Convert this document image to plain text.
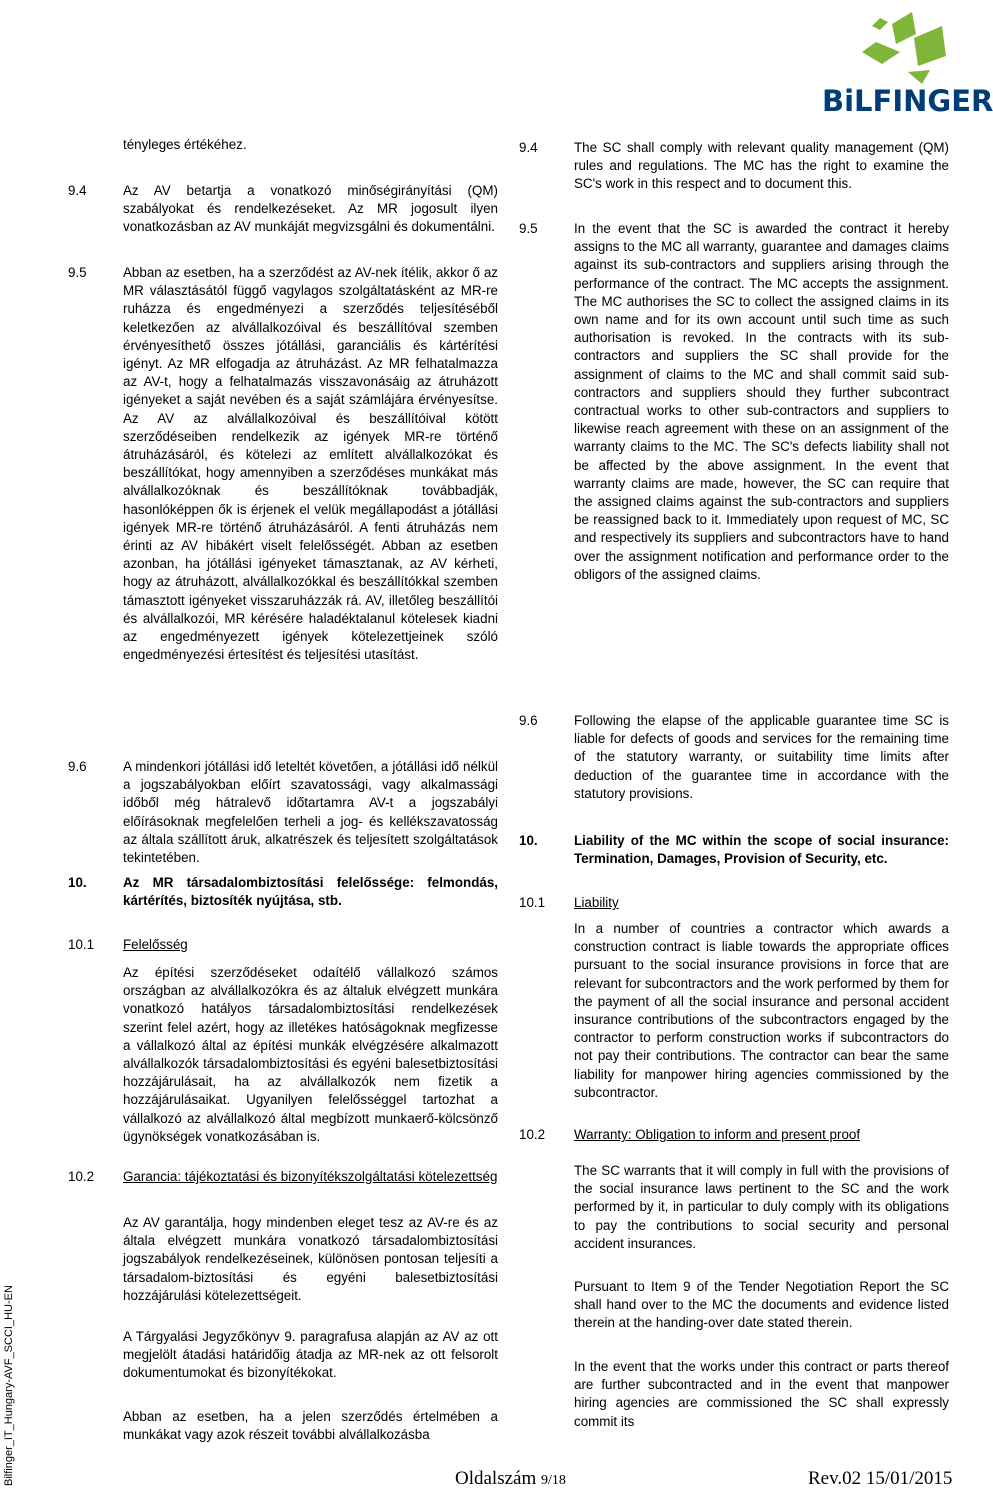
BiLFINGER
Bilfinger_IT_Hungary-AVF_SCCI_HU-EN
tényleges értékéhez.
9.4	Az AV betartja a vonatkozó minőségirányítási (QM) szabályokat és rendelkezéseket. Az MR jogosult ilyen vonatkozásban az AV munkáját megvizsgálni és dokumentálni.
9.5	Abban az esetben, ha a szerződést az AV-nek ítélik, akkor ő az MR választásától függő vagylagos szolgáltatásként az MR-re ruházza és engedményezi a szerződés teljesítéséből keletkezően az alvállalkozóival és beszállítóval szemben érvényesíthető összes jótállási, garanciális és kártérítési igényt. Az MR elfogadja az átruházást. Az MR felhatalmazza az AV-t, hogy a felhatalmazás visszavonásáig az átruházott igényeket a saját nevében és a saját számlájára érvényesítse. Az AV az alvállalkozóival és beszállítóival kötött szerződéseiben rendelkezik az igények MR-re történő átruházásáról, és kötelezi az említett alvállalkozókat és beszállítókat, hogy amennyiben a szerződéses munkákat más alvállalkozóknak és beszállítóknak továbbadják, hasonlóképpen ők is érjenek el velük megállapodást a jótállási igények MR-re történő átruházásáról. A fenti átruházás nem érinti az AV hibákért viselt felelősségét. Abban az esetben azonban, ha jótállási igényeket támasztanak, az AV kérheti, hogy az átruházott, alvállalkozókkal és beszállítókkal szemben támasztott igényeket visszaruházzák rá. AV, illetőleg beszállítói és alvállalkozói, MR kérésére haladéktalanul kötelesek kiadni az engedményezett igények kötelezettjeinek szóló engedményezési értesítést és teljesítési utasítást.
9.6	A mindenkori jótállási idő leteltét követően, a jótállási idő nélkül a jogszabályokban előírt szavatossági, vagy alkalmassági időből még hátralevő időtartamra AV-t a jogszabályi előírásoknak megfelelően terheli a jog- és kellékszavatosság az általa szállított áruk, alkatrészek és teljesített szolgáltatások tekintetében.
10.	Az MR társadalombiztosítási felelőssége: felmondás, kártérítés, biztosíték nyújtása, stb.
10.1 Felelősség
Az építési szerződéseket odaítélő vállalkozó számos országban az alvállalkozókra és az általuk elvégzett munkára vonatkozó hatályos társadalombiztosítási rendelkezések szerint felel azért, hogy az illetékes hatóságoknak megfizesse a vállalkozó által az építési munkák elvégzésére alkalmazott alvállalkozók társadalombiztosítási és egyéni balesetbiztosítási hozzájárulásait, ha az alvállalkozók nem fizetik a hozzájárulásaikat. Ugyanilyen felelősséggel tartozhat a vállalkozó az alvállalkozó által megbízott munkaerő-kölcsönző ügynökségek vonatkozásában is.
10.2 Garancia: tájékoztatási és bizonyítékszolgáltatási kötelezettség
Az AV garantálja, hogy mindenben eleget tesz az AV-re és az általa elvégzett munkára vonatkozó társadalombiztosítási jogszabályok rendelkezéseinek, különösen pontosan teljesíti a társadalom-biztosítási és egyéni balesetbiztosítási hozzájárulási kötelezettségeit.
A Tárgyalási Jegyzőkönyv 9. paragrafusa alapján az AV az ott megjelölt átadási határidőig átadja az MR-nek az ott felsorolt dokumentumokat és bizonyítékokat.
Abban az esetben, ha a jelen szerződés értelmében a munkákat vagy azok részeit további alvállalkozásba
9.4	The SC shall comply with relevant quality management (QM) rules and regulations. The MC has the right to examine the SC's work in this respect and to document this.
9.5	In the event that the SC is awarded the contract it hereby assigns to the MC all warranty, guarantee and damages claims against its sub-contractors and suppliers arising through the performance of the contract. The MC accepts the assignment. The MC authorises the SC to collect the assigned claims in its own name and for its own account until such time as such authorisation is revoked. In the contracts with its sub-contractors and suppliers the SC shall provide for the assignment of claims to the MC and shall commit said sub-contractors and suppliers should they further subcontract contractual works to other sub-contractors and suppliers to likewise reach agreement with these on an assignment of the warranty claims to the MC. The SC's defects liability shall not be affected by the above assignment. In the event that warranty claims are made, however, the SC can require that the assigned claims against the sub-contractors and suppliers be reassigned back to it. Immediately upon request of MC, SC and respectively its suppliers and subcontractors have to hand over the assignment notification and performance order to the obligors of the assigned claims.
9.6	Following the elapse of the applicable guarantee time SC is liable for defects of goods and services for the remaining time of the statutory warranty, or suitability time limits after deduction of the guarantee time in accordance with the statutory provisions.
10.	Liability of the MC within the scope of social insurance: Termination, Damages, Provision of Security, etc.
10.1 Liability
In a number of countries a contractor which awards a construction contract is liable towards the appropriate offices pursuant to the social insurance provisions in force that are relevant for subcontractors and the work performed by them for the payment of all the social insurance and personal accident insurance contributions of the subcontractors engaged by the contractor to perform construction works if subcontractors do not pay their contributions. The contractor can bear the same liability for manpower hiring agencies commissioned by the subcontractor.
10.2 Warranty: Obligation to inform and present proof
The SC warrants that it will comply in full with the provisions of the social insurance laws pertinent to the SC and the work performed by it, in particular to duly comply with its obligations to pay the contributions to social security and personal accident insurances.
Pursuant to Item 9 of the Tender Negotiation Report the SC shall hand over to the MC the documents and evidence listed therein at the handing-over date stated therein.
In the event that the works under this contract or parts thereof are further subcontracted and in the event that manpower hiring agencies are commissioned the SC shall expressly commit its
Oldalszám 9/18	Rev.02 15/01/2015
